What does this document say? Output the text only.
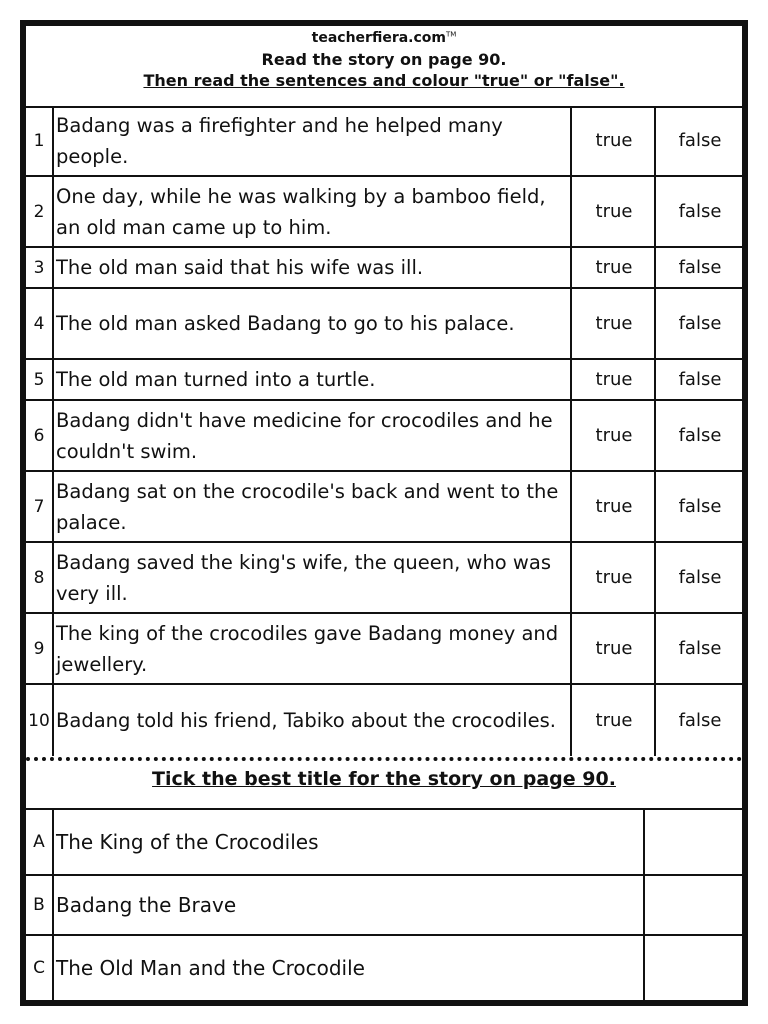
teacherfiera.com™
Read the story on page 90.
Then read the sentences and colour "true" or "false".
1
Badang was a firefighter and he helped many people.
true	false
2
One day, while he was walking by a bamboo field, an old man came up to him.
true	false
3 The old man said that his wife was ill.	true	false
4 The old man asked Badang to go to his palace.	true	false
5 The old man turned into a turtle.	true	false
6
Badang didn't have medicine for crocodiles and he couldn't swim.
true	false
7
Badang sat on the crocodile's back and went to the palace.
true	false
8
Badang saved the king's wife, the queen, who was very ill.
true	false
9
The king of the crocodiles gave Badang money and jewellery.
true	false
10 Badang told his friend, Tabiko about the crocodiles.	true	false
Tick the best title for the story on page 90.
A The King of the Crocodiles
B Badang the Brave
C The Old Man and the Crocodile
